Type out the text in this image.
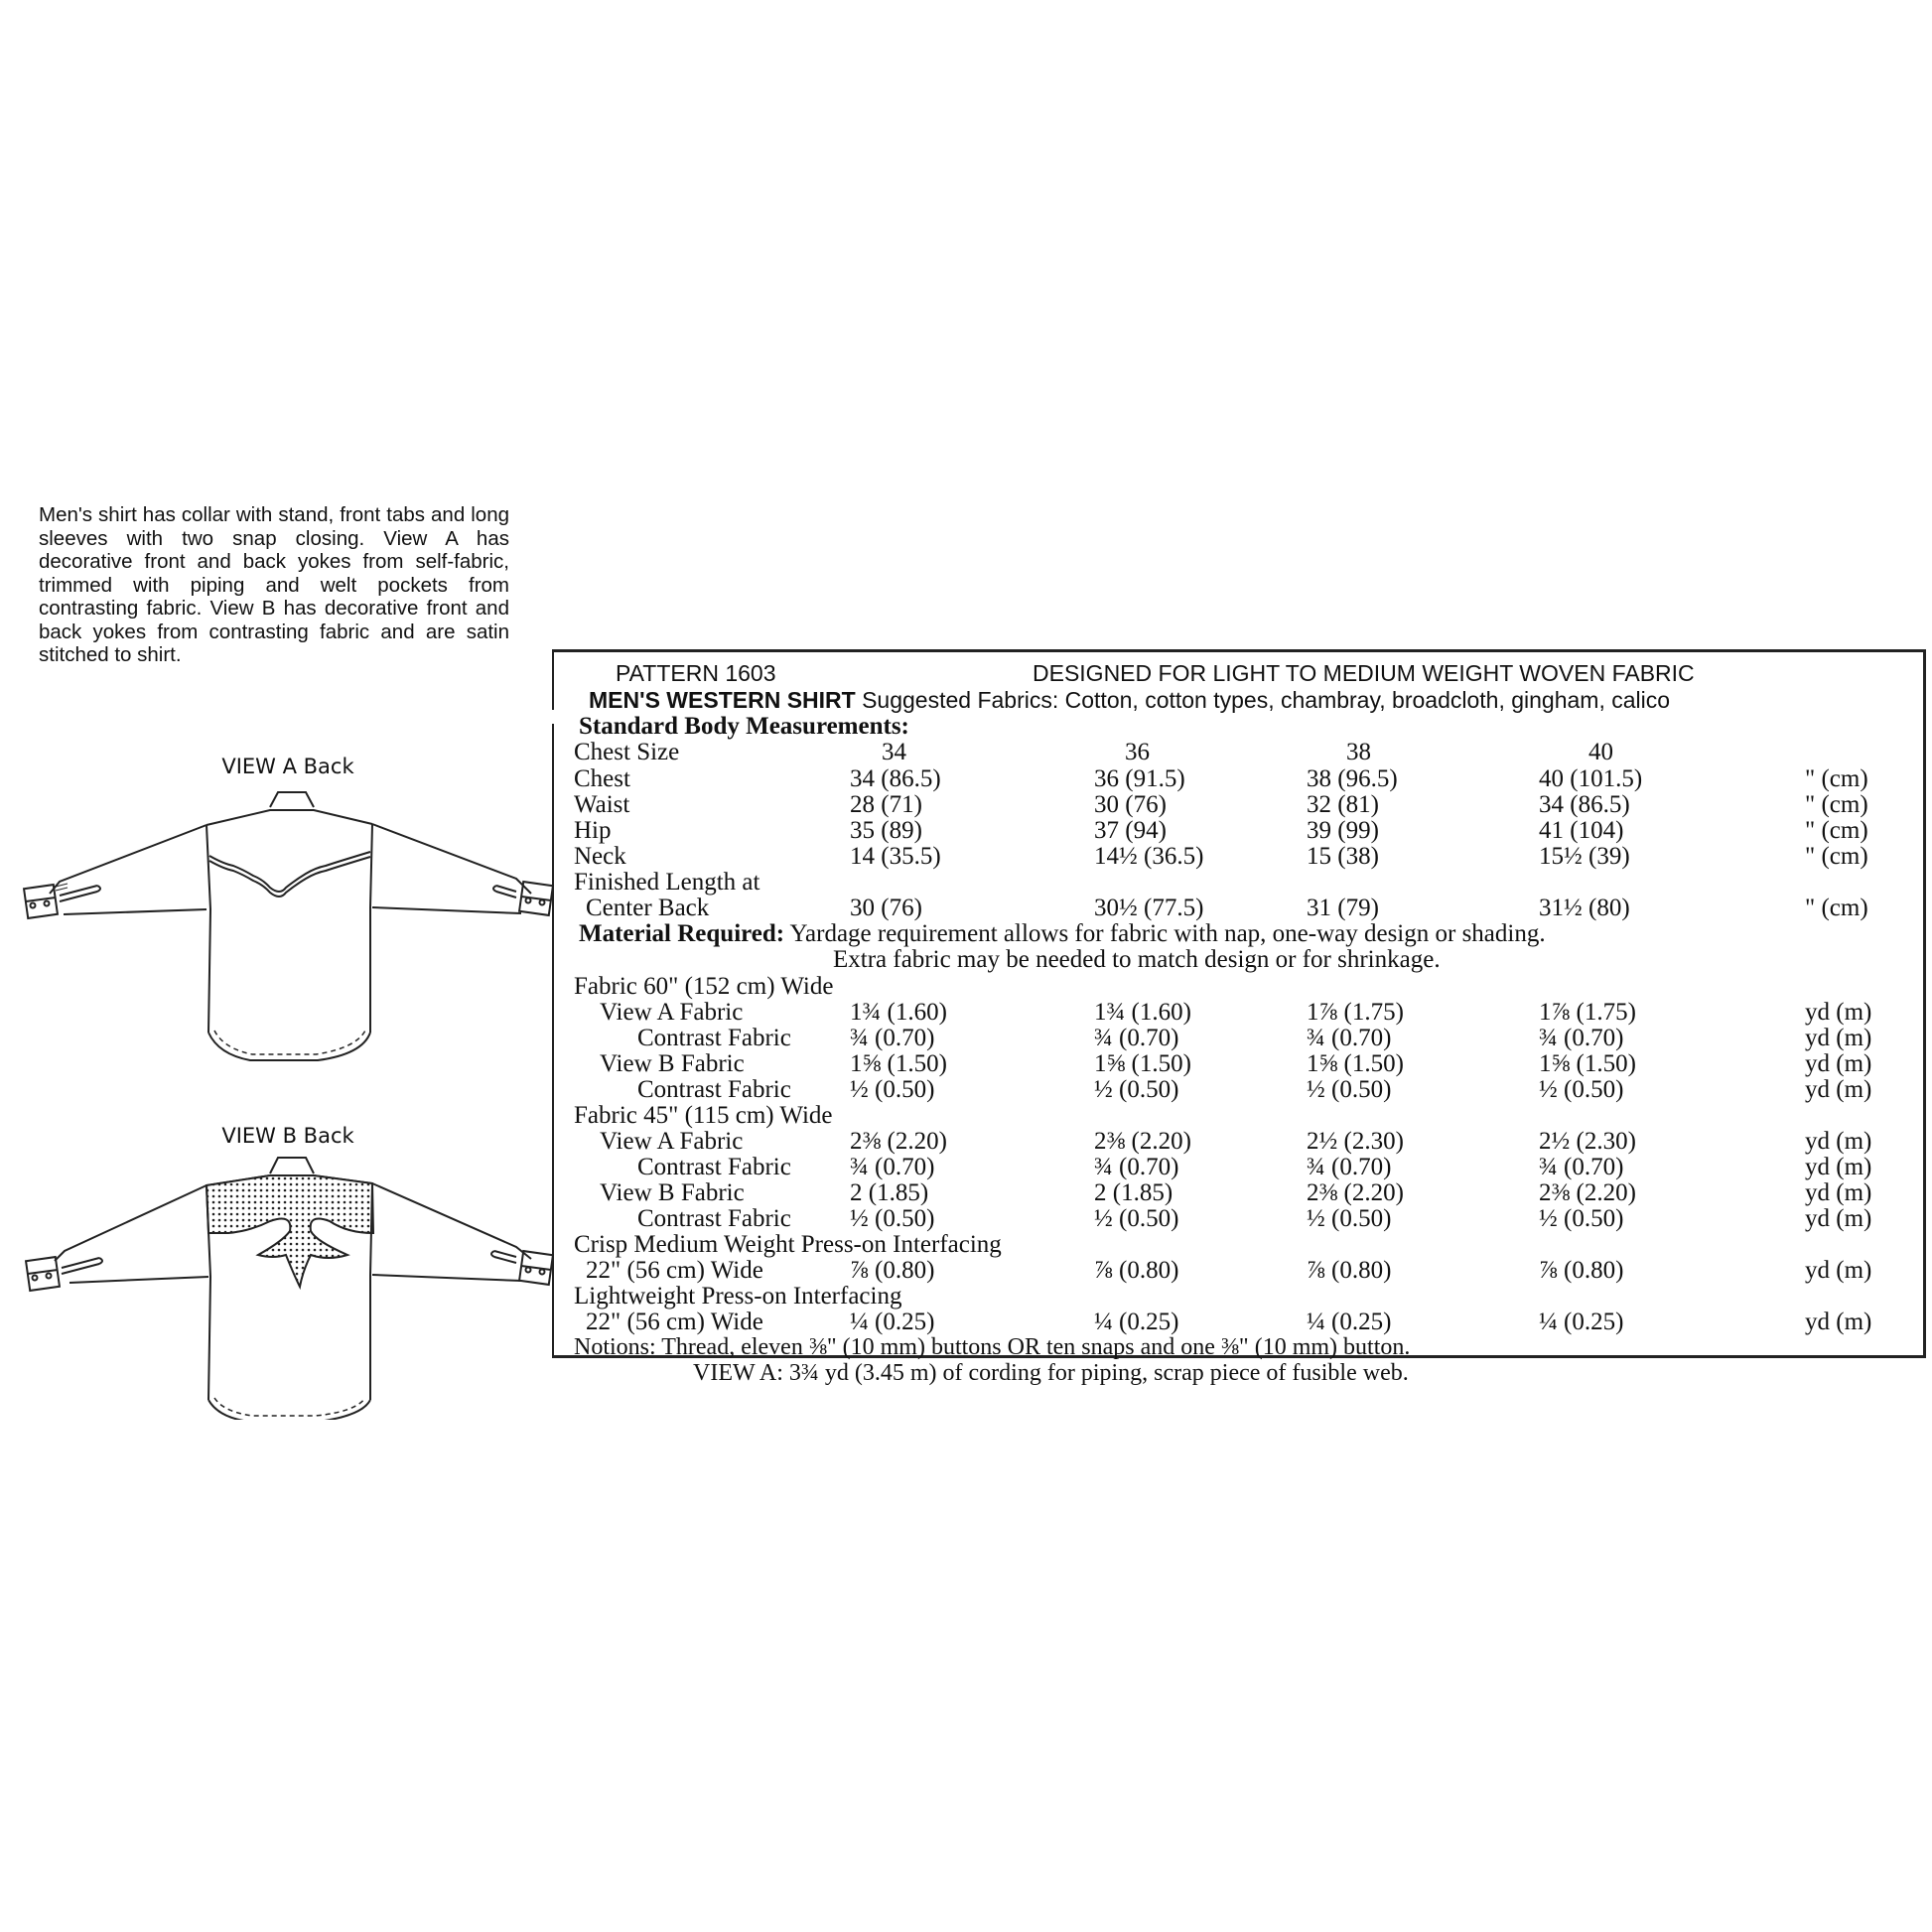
Men's shirt has collar with stand, front tabs and long sleeves with two snap closing. View A has decorative front and back yokes from self-fabric, trimmed with piping and welt pockets from contrasting fabric. View B has decorative front and back yokes from contrasting fabric and are satin stitched to shirt.

VIEW A Back
VIEW B Back
PATTERN 1603	DESIGNED FOR LIGHT TO MEDIUM WEIGHT WOVEN FABRIC
MEN'S WESTERN SHIRT Suggested Fabrics: Cotton, cotton types, chambray, broadcloth, gingham, calico
Standard Body Measurements:
Chest Size	34	36	38	40
Chest	34 (86.5)	36 (91.5)	38 (96.5)	40 (101.5)	" (cm)
Waist	28 (71)	30 (76)	32 (81)	34 (86.5)	" (cm)
Hip	35 (89)	37 (94)	39 (99)	41 (104)	" (cm)
Neck	14 (35.5)	14½ (36.5)	15 (38)	15½ (39)	" (cm)
Finished Length at
Center Back	30 (76)	30½ (77.5)	31 (79)	31½ (80)	" (cm)
Material Required: Yardage requirement allows for fabric with nap, one-way design or shading.
Extra fabric may be needed to match design or for shrinkage.
Fabric 60" (152 cm) Wide
View A Fabric	1¾ (1.60)	1¾ (1.60)	1⅞ (1.75)	1⅞ (1.75)	yd (m)
Contrast Fabric ¾ (0.70)	¾ (0.70)	¾ (0.70)	¾ (0.70)	yd (m)
View B Fabric	1⅝ (1.50)	1⅝ (1.50)	1⅝ (1.50)	1⅝ (1.50)	yd (m)
Contrast Fabric ½ (0.50)	½ (0.50)	½ (0.50)	½ (0.50)	yd (m)
Fabric 45" (115 cm) Wide
View A Fabric	2⅜ (2.20)	2⅜ (2.20)	2½ (2.30)	2½ (2.30)	yd (m)
Contrast Fabric ¾ (0.70)	¾ (0.70)	¾ (0.70)	¾ (0.70)	yd (m)
View B Fabric	2 (1.85)	2 (1.85)	2⅜ (2.20)	2⅜ (2.20)	yd (m)
Contrast Fabric ½ (0.50)	½ (0.50)	½ (0.50)	½ (0.50)	yd (m)
Crisp Medium Weight Press-on Interfacing
22" (56 cm) Wide	⅞ (0.80)	⅞ (0.80)	⅞ (0.80)	⅞ (0.80)	yd (m)
Lightweight Press-on Interfacing
22" (56 cm) Wide	¼ (0.25)	¼ (0.25)	¼ (0.25)	¼ (0.25)	yd (m)
Notions: Thread, eleven ⅜" (10 mm) buttons OR ten snaps and one ⅜" (10 mm) button.
VIEW A: 3¾ yd (3.45 m) of cording for piping, scrap piece of fusible web.
